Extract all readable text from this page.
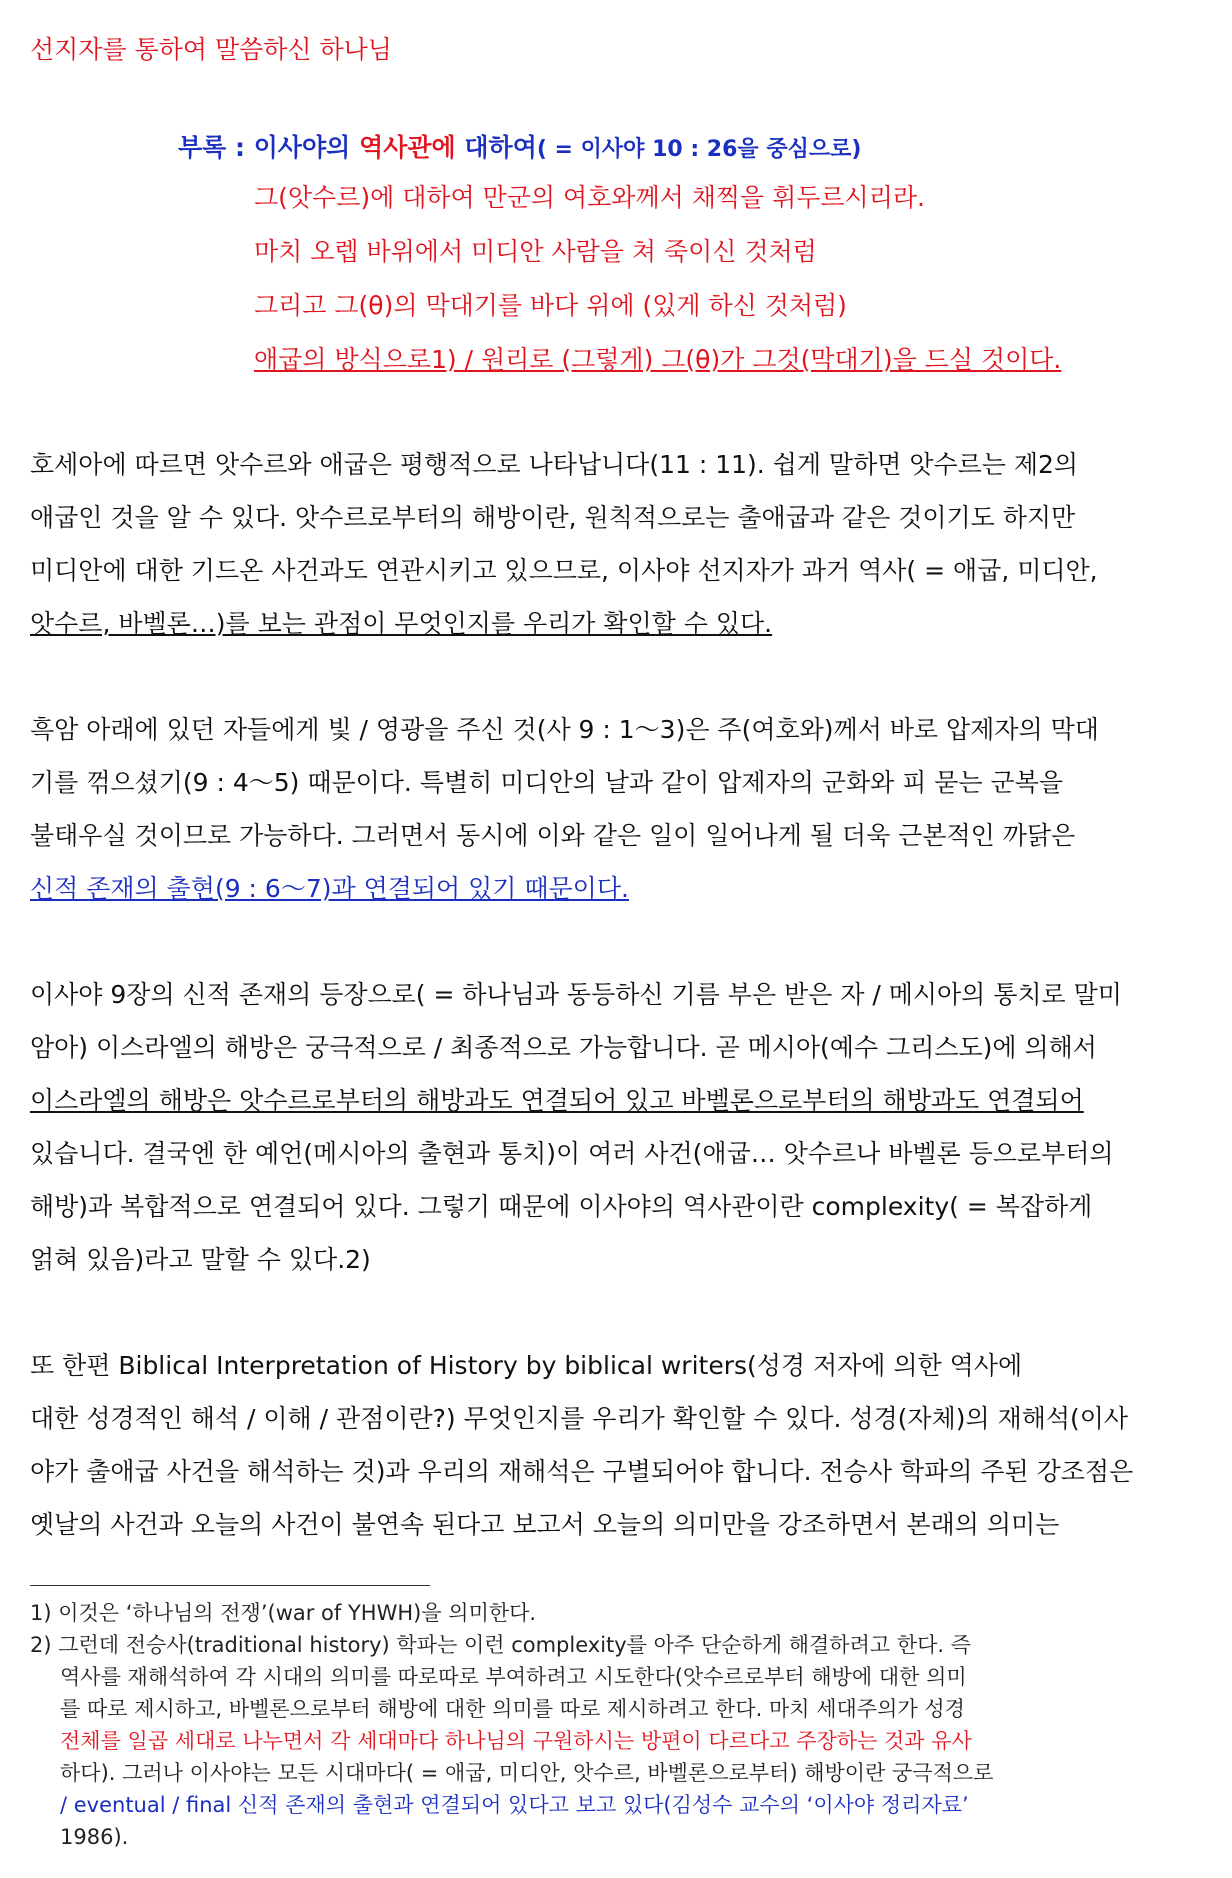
선지자를 통하여 말씀하신 하나님
부록 : 이사야의 역사관에 대하여( = 이사야 10 : 26을 중심으로)
그(앗수르)에 대하여 만군의 여호와께서 채찍을 휘두르시리라.
마치 오렙 바위에서 미디안 사람을 쳐 죽이신 것처럼
그리고 그(θ)의 막대기를 바다 위에 (있게 하신 것처럼)
애굽의 방식으로1) / 원리로 (그렇게) 그(θ)가 그것(막대기)을 드실 것이다.
호세아에 따르면 앗수르와 애굽은 평행적으로 나타납니다(11 : 11). 쉽게 말하면 앗수르는 제2의
애굽인 것을 알 수 있다. 앗수르로부터의 해방이란, 원칙적으로는 출애굽과 같은 것이기도 하지만
미디안에 대한 기드온 사건과도 연관시키고 있으므로, 이사야 선지자가 과거 역사( = 애굽, 미디안,
앗수르, 바벨론…)를 보는 관점이 무엇인지를 우리가 확인할 수 있다.
흑암 아래에 있던 자들에게 빛 / 영광을 주신 것(사 9 : 1～3)은 주(여호와)께서 바로 압제자의 막대
기를 꺾으셨기(9 : 4～5) 때문이다. 특별히 미디안의 날과 같이 압제자의 군화와 피 묻는 군복을
불태우실 것이므로 가능하다. 그러면서 동시에 이와 같은 일이 일어나게 될 더욱 근본적인 까닭은
신적 존재의 출현(9 : 6～7)과 연결되어 있기 때문이다.
이사야 9장의 신적 존재의 등장으로( = 하나님과 동등하신 기름 부은 받은 자 / 메시아의 통치로 말미
암아) 이스라엘의 해방은 궁극적으로 / 최종적으로 가능합니다. 곧 메시아(예수 그리스도)에 의해서
이스라엘의 해방은 앗수르로부터의 해방과도 연결되어 있고 바벨론으로부터의 해방과도 연결되어
있습니다. 결국엔 한 예언(메시아의 출현과 통치)이 여러 사건(애굽… 앗수르나 바벨론 등으로부터의
해방)과 복합적으로 연결되어 있다. 그렇기 때문에 이사야의 역사관이란 complexity( = 복잡하게
얽혀 있음)라고 말할 수 있다.2)
또 한편 Biblical Interpretation of History by biblical writers(성경 저자에 의한 역사에
대한 성경적인 해석 / 이해 / 관점이란?) 무엇인지를 우리가 확인할 수 있다. 성경(자체)의 재해석(이사
야가 출애굽 사건을 해석하는 것)과 우리의 재해석은 구별되어야 합니다. 전승사 학파의 주된 강조점은
옛날의 사건과 오늘의 사건이 불연속 된다고 보고서 오늘의 의미만을 강조하면서 본래의 의미는
1) 이것은 ‘하나님의 전쟁’(war of YHWH)을 의미한다.
2) 그런데 전승사(traditional history) 학파는 이런 complexity를 아주 단순하게 해결하려고 한다. 즉
역사를 재해석하여 각 시대의 의미를 따로따로 부여하려고 시도한다(앗수르로부터 해방에 대한 의미
를 따로 제시하고, 바벨론으로부터 해방에 대한 의미를 따로 제시하려고 한다. 마치 세대주의가 성경
전체를 일곱 세대로 나누면서 각 세대마다 하나님의 구원하시는 방편이 다르다고 주장하는 것과 유사
하다). 그러나 이사야는 모든 시대마다( = 애굽, 미디안, 앗수르, 바벨론으로부터) 해방이란 궁극적으로
/ eventual / final 신적 존재의 출현과 연결되어 있다고 보고 있다(김성수 교수의 ‘이사야 정리자료’
1986).
